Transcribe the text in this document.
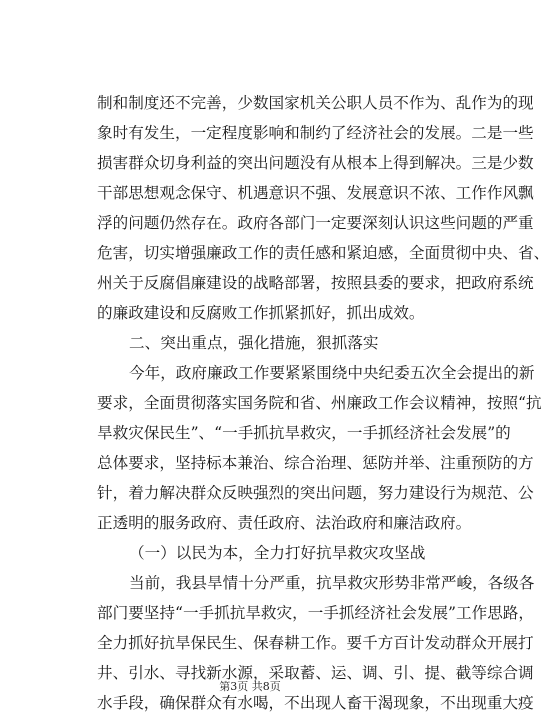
制和制度还不完善，少数国家机关公职人员不作为、乱作为的现
象时有发生，一定程度影响和制约了经济社会的发展。二是一些
损害群众切身利益的突出问题没有从根本上得到解决。三是少数
干部思想观念保守、机遇意识不强、发展意识不浓、工作作风飘
浮的问题仍然存在。政府各部门一定要深刻认识这些问题的严重
危害，切实增强廉政工作的责任感和紧迫感，全面贯彻中央、省、
州关于反腐倡廉建设的战略部署，按照县委的要求，把政府系统
的廉政建设和反腐败工作抓紧抓好，抓出成效。
二、突出重点，强化措施，狠抓落实
今年，政府廉政工作要紧紧围绕中央纪委五次全会提出的新
要求，全面贯彻落实国务院和省、州廉政工作会议精神，按照“抗
旱救灾保民生”、“一手抓抗旱救灾，一手抓经济社会发展”的
总体要求，坚持标本兼治、综合治理、惩防并举、注重预防的方
针，着力解决群众反映强烈的突出问题，努力建设行为规范、公
正透明的服务政府、责任政府、法治政府和廉洁政府。
（一）以民为本，全力打好抗旱救灾攻坚战
当前，我县旱情十分严重，抗旱救灾形势非常严峻，各级各
部门要坚持“一手抓抗旱救灾，一手抓经济社会发展”工作思路，
全力抓好抗旱保民生、保春耕工作。要千方百计发动群众开展打
井、引水、寻找新水源，采取蓄、运、调、引、提、截等综合调
水手段，确保群众有水喝，不出现人畜干渴现象，不出现重大疫
第3页 共8页
